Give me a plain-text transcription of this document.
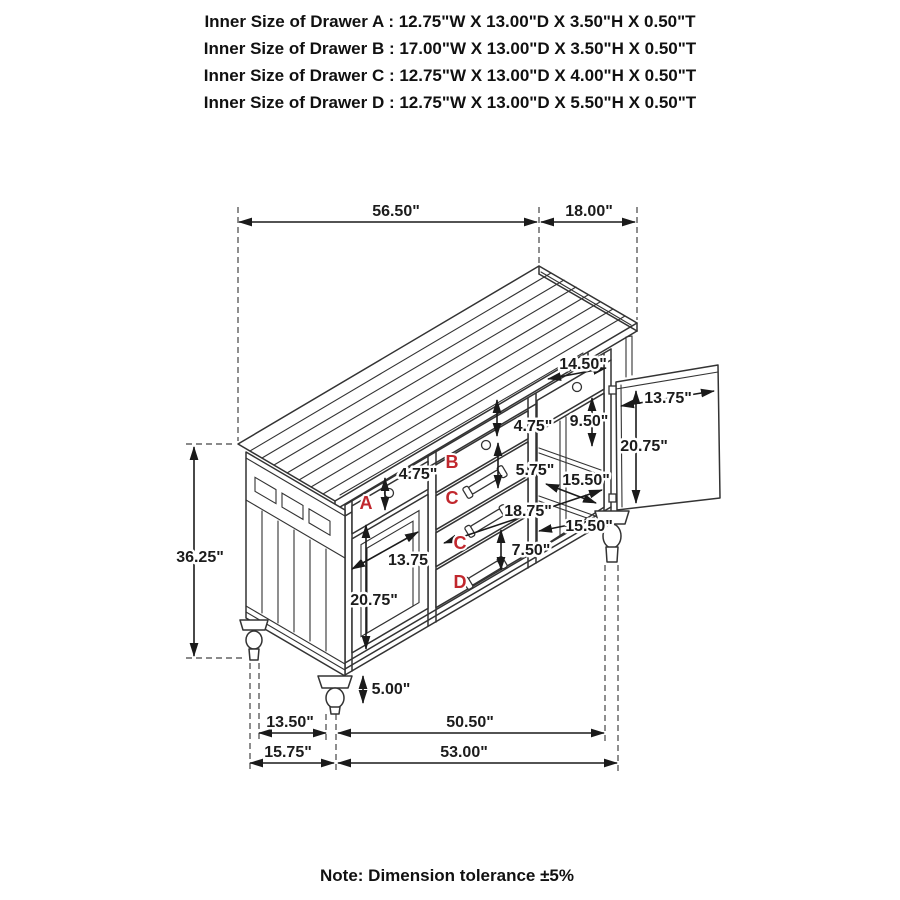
Inner Size of Drawer A : 12.75"W X 13.00"D X 3.50"H X 0.50"T
Inner Size of Drawer B : 17.00"W X 13.00"D X 3.50"H X 0.50"T
Inner Size of Drawer C : 12.75"W X 13.00"D X 4.00"H X 0.50"T
Inner Size of Drawer D : 12.75"W X 13.00"D X 5.50"H X 0.50"T
56.50"	18.00"
36.25"
14.50"
9.50"
4.75"
5.75"
15.50"
18.75"
15.50"
7.50"
4.75"
13.75
20.75"
13.75"
20.75"
5.00"
13.50"	50.50"
15.75"	53.00"
A
B
C
C
D
Note: Dimension tolerance ±5%
